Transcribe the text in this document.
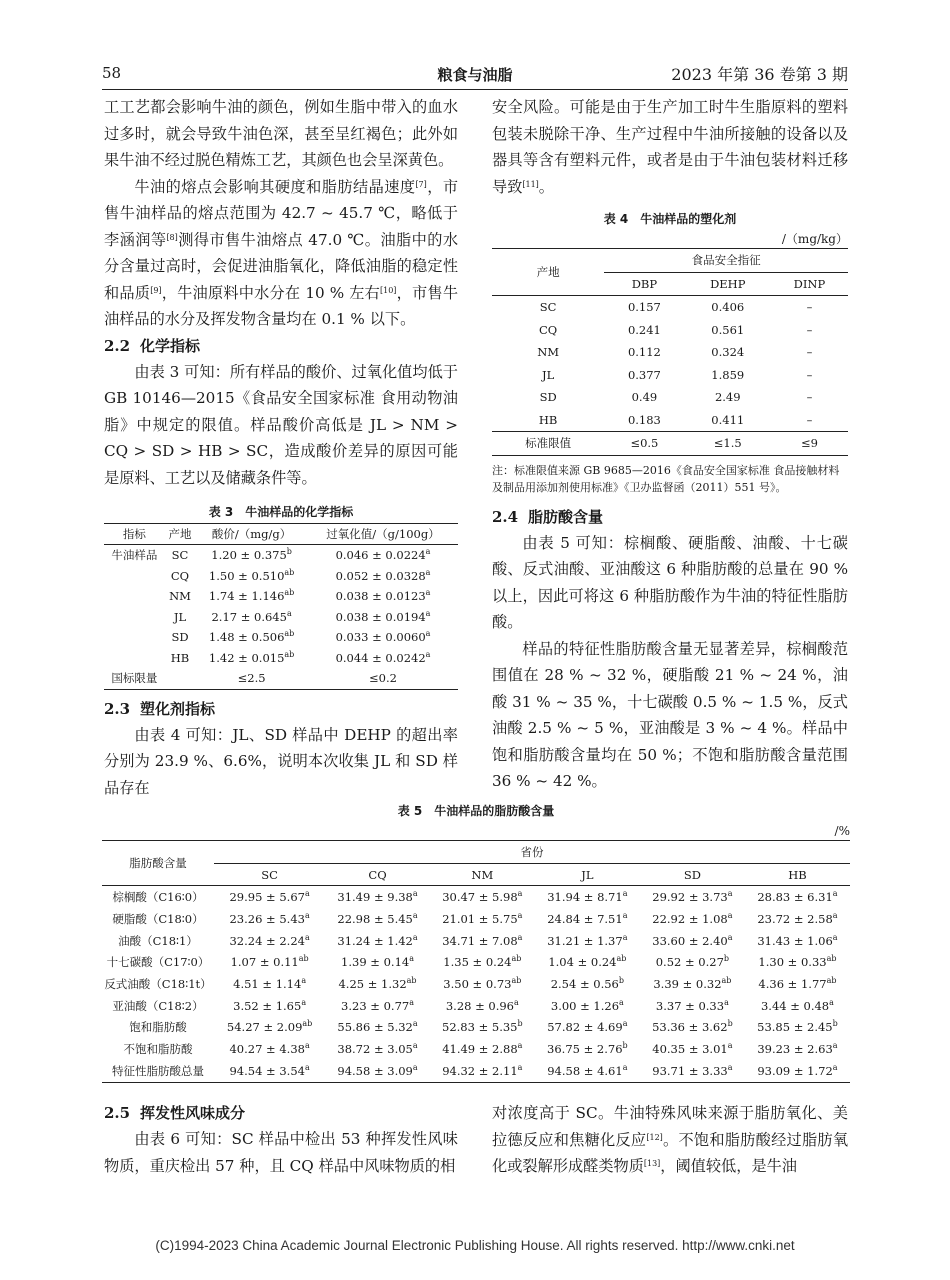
58	粮食与油脂	2023 年第 36 卷第 3 期

工工艺都会影响牛油的颜色，例如生脂中带入的血水过多时，就会导致牛油色深，甚至呈红褐色；此外如果牛油不经过脱色精炼工艺，其颜色也会呈深黄色。

牛油的熔点会影响其硬度和脂肪结晶速度[7]，市售牛油样品的熔点范围为 42.7 ~ 45.7 ℃，略低于李涵润等[8]测得市售牛油熔点 47.0 ℃。油脂中的水分含量过高时，会促进油脂氧化，降低油脂的稳定性和品质[9]，牛油原料中水分在 10 % 左右[10]，市售牛油样品的水分及挥发物含量均在 0.1 % 以下。

2.2 化学指标

由表 3 可知：所有样品的酸价、过氧化值均低于 GB 10146—2015《食品安全国家标准 食用动物油脂》中规定的限值。样品酸价高低是 JL > NM > CQ > SD > HB > SC，造成酸价差异的原因可能是原料、工艺以及储藏条件等。

表 3　牛油样品的化学指标
指标	产地	酸价/（mg/g）	过氧化值/（g/100g）
牛油样品	SC	1.20 ± 0.375$^b$	0.046 ± 0.0224$^a$
	CQ	1.50 ± 0.510$^{ab}$	0.052 ± 0.0328$^a$
	NM	1.74 ± 1.146$^{ab}$	0.038 ± 0.0123$^a$
	JL	2.17 ± 0.645$^a$	0.038 ± 0.0194$^a$
	SD	1.48 ± 0.506$^{ab}$	0.033 ± 0.0060$^a$
	HB	1.42 ± 0.015$^{ab}$	0.044 ± 0.0242$^a$
国标限量		≤2.5	≤0.2
2.3 塑化剂指标

由表 4 可知：JL、SD 样品中 DEHP 的超出率分别为 23.9 %、6.6%，说明本次收集 JL 和 SD 样品存在

安全风险。可能是由于生产加工时牛生脂原料的塑料包装未脱除干净、生产过程中牛油所接触的设备以及器具等含有塑料元件，或者是由于牛油包装材料迁移导致[11]。

表 4　牛油样品的塑化剂
/（mg/kg）
产地	食品安全指征		
	DBP	DEHP	DINP
SC	0.157	0.406	–
CQ	0.241	0.561	–
NM	0.112	0.324	–
JL	0.377	1.859	–
SD	0.49	2.49	–
HB	0.183	0.411	–
标准限值	≤0.5	≤1.5	≤9
注：标准限值来源 GB 9685—2016《食品安全国家标准 食品接触材料及制品用添加剂使用标准》《卫办监督函（2011）551 号》。
2.4 脂肪酸含量

由表 5 可知：棕榈酸、硬脂酸、油酸、十七碳酸、反式油酸、亚油酸这 6 种脂肪酸的总量在 90 % 以上，因此可将这 6 种脂肪酸作为牛油的特征性脂肪酸。

样品的特征性脂肪酸含量无显著差异，棕榈酸范围值在 28 % ~ 32 %，硬脂酸 21 % ~ 24 %，油酸 31 % ~ 35 %，十七碳酸 0.5 % ~ 1.5 %，反式油酸 2.5 % ~ 5 %，亚油酸是 3 % ~ 4 %。样品中饱和脂肪酸含量均在 50 %；不饱和脂肪酸含量范围 36 % ~ 42 %。

表 5　牛油样品的脂肪酸含量
/%
脂肪酸含量	省份					
	SC	CQ	NM	JL	SD	HB
棕榈酸（C16∶0）	29.95 ± 5.67$^a$	31.49 ± 9.38$^a$	30.47 ± 5.98$^a$	31.94 ± 8.71$^a$	29.92 ± 3.73$^a$	28.83 ± 6.31$^a$
硬脂酸（C18∶0）	23.26 ± 5.43$^a$	22.98 ± 5.45$^a$	21.01 ± 5.75$^a$	24.84 ± 7.51$^a$	22.92 ± 1.08$^a$	23.72 ± 2.58$^a$
油酸（C18∶1）	32.24 ± 2.24$^a$	31.24 ± 1.42$^a$	34.71 ± 7.08$^a$	31.21 ± 1.37$^a$	33.60 ± 2.40$^a$	31.43 ± 1.06$^a$
十七碳酸（C17∶0）	1.07 ± 0.11$^{ab}$	1.39 ± 0.14$^a$	1.35 ± 0.24$^{ab}$	1.04 ± 0.24$^{ab}$	0.52 ± 0.27$^b$	1.30 ± 0.33$^{ab}$
反式油酸（C18∶1t）	4.51 ± 1.14$^a$	4.25 ± 1.32$^{ab}$	3.50 ± 0.73$^{ab}$	2.54 ± 0.56$^b$	3.39 ± 0.32$^{ab}$	4.36 ± 1.77$^{ab}$
亚油酸（C18∶2）	3.52 ± 1.65$^a$	3.23 ± 0.77$^a$	3.28 ± 0.96$^a$	3.00 ± 1.26$^a$	3.37 ± 0.33$^a$	3.44 ± 0.48$^a$
饱和脂肪酸	54.27 ± 2.09$^{ab}$	55.86 ± 5.32$^a$	52.83 ± 5.35$^b$	57.82 ± 4.69$^a$	53.36 ± 3.62$^b$	53.85 ± 2.45$^b$
不饱和脂肪酸	40.27 ± 4.38$^a$	38.72 ± 3.05$^a$	41.49 ± 2.88$^a$	36.75 ± 2.76$^b$	40.35 ± 3.01$^a$	39.23 ± 2.63$^a$
特征性脂肪酸总量	94.54 ± 3.54$^a$	94.58 ± 3.09$^a$	94.32 ± 2.11$^a$	94.58 ± 4.61$^a$	93.71 ± 3.33$^a$	93.09 ± 1.72$^a$
2.5 挥发性风味成分

由表 6 可知：SC 样品中检出 53 种挥发性风味物质，重庆检出 57 种，且 CQ 样品中风味物质的相

对浓度高于 SC。牛油特殊风味来源于脂肪氧化、美拉德反应和焦糖化反应[12]。不饱和脂肪酸经过脂肪氧化或裂解形成醛类物质[13]，阈值较低，是牛油

(C)1994-2023 China Academic Journal Electronic Publishing House. All rights reserved. http://www.cnki.net
